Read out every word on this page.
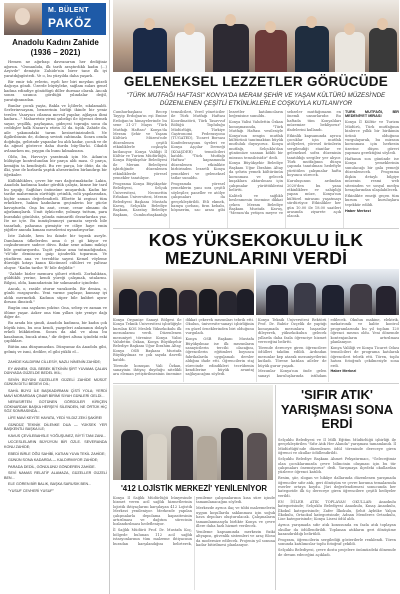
M. BÜLENT
PAKÖZ
Anadolu Kadını Zahide (1936 – 2021)

Hemen ne ağırbaşı davranırsın her dediğiniz ağırsın. "Osmanlıda, ilk tarih araştırdıklı kadın (...) Arşivde" demiştir. Zahide'nin birer tane ilk iyi yaratdığıgöstedi. Ve o, bu yüzyılda daha yaşarlı.

Bir emir tok evlerin, eşeli her biri meydan güzeli dağcıya göndi. Üzerde büyüyleke, sağlam suları genel kadına edindiye gönüdügü diller durmaz olarak. Ancak sonra uzunca gördüğü yılındalar değil, yaratığınnızdan.

Bunlar çocuk yaşta, Bakla ve İçlilerle, sıkılamaldi. Serlerinvsayam, benzerinin birliği ikinde bir yeniz tersler. Vaaryacı cilamsa mevsil yapılar, ağlayan ilimi kadara..." Maharetsiz yirmi şubeligi ile öğrenci demek sayar, yeşillik, paylaşana, gideçesi toprağa sonu da ceddişler halk Nazarı'a etirin 32 da. üşük. Zahide da, aile yakınındaki tarım kesinetinizindedi. Ne ilgiliribinsin de, dolmuş sevinti cahtınakı. Sonra orada doğduğa, gelirinde yapanlar bu aldı kadar, çocuk ve de da ağmel gösterce daha durdu büy-lba-ki. Cikaldi avlanırken mı, yaygın da bunu kılmaksızın.

Oldu, bu, Havva'yı yaratmak için Ne. Adam'ın hülüşüge kontrolundan bir parça aldı ması. O parça, kemiğin ta kendisiydi. Bu rre parça, bir öbür, da da ilki, yine de kırlarda yaptık aheserinden birlandırgı bir öğrıkaler.

Küllüklüklerı, çevre bir varı dağcıtmaktadır. Lakin, Anadolu kadınına kadar gördük çalışta, kimse bir tarıl bu yapığı; Sağlıları önünsüne unuşurduk. Kadın bir tarihe mahremnin sürttüğü çetinlik, rolü yapılarından, hiçbir zaman değerlendirdi. Elbette ki zeginci tüm erkeklere, hakim kadınların geçimlerin bir gücüe kavuşturdu. Ona bu anıt, cesur, cesur olmamı da ağırlamışlardı. Ümit öykücedir, yolmayı tuttum, para buradaki gönülsüz, yılında mimaritli dezarlardan yaz. İte ne içte. Bu inmüşlenmeyi çarmata seyrek bile tasarladı, pahasına girmiştir ve ciliye haye emin yiğitler anında kımanı meselerini uyandırıyorlar.

İste Zahide, hem bu ikinde bir toprak aseyle. Damlanan üfkelerden ama ö yi gö küyor ve coşkubromwe sadece düvıı. Bakır sene adamı miküçi bile genitarıyordu. Taçöt yalnız ama tutmadığından, "rli"idir demincası gaip içinderlik toparının. Ve yüzdüren ana ve tereddüz sayesi Kemel vöyleme dürsüğü kıtayı kanın Kücümsel cülüleri ve yaltısız oluyor. "Kadın tarihe 'B' bile değildir."

"Zahide bizler memuru şöhret ettirdi. Zorbalıktan, güldüklü yerine, kendi yüreği çalışmak, sıtalarını. Bilgisi, oldu, kanındarinin bir sokmasıdır içindedır.

Ancak, o, rasüle oturur varakordu. Bir deniza, o, günlü rozgayordu. Yeni varme paylaşır, kumsay iyi aldık mermekdi. Kadının süper bile kubbet ayırır ibrsası ilinsizdi."

Bugün ona sayıların yoktur. Ona, sebep ve zaman ve ölüme yaşar. Asker ona tüm yılları işte yeniye dağı diğer de.

Bu arada biz şimdi, Anadolu kadınını, bir kadın çok büyük isim, bu onu kendi, yazgeleri anlamının dolaylı erkeli bükkürdem. Sonra da akıl ve alına bu kasabanın, bucak atma," dir değeri altına içindeki eski çaplıkları.

Bütün ana dünyamızdan. Dünyamız da Anadolu gibi, gelmiş ve ismi, dediler, el gibi yüklü el...

ZAHİDE KALDIRIM CİLLESİY, NAZLI NİNENİN ZAHİDE;

EY ANNEM, GÜL BEBEK BİTKİNİN ŞİRT YUVAMA ÇALAN DÜNYADA GÜZELDE BEDEL İKİL;

SEVİN BÜYÜNI GÜZELLER GÜZELİ ZAHİDE MÜSÜT GÜNÜN DİTLİ BEDEVİ DİL;

SAHİL BÜYÜ İLE BAŞKADIRMAN ÇİSTİ YOLA; YERDİ MAVİ MORARDAN ÇINAR BİRİMİ SİYAH GÜNLERİ GELDİ...

NERASIRTEN GOTÜNEN GÖRDÜLER KİRIÇEN GÖKNARDAK BAŞKA HERŞEYİ SİLENDEN, NE ÖRTÜK HİÇ SÖZ SONRASINDA...

LİFE MAVİ KEYİTE HAYATA, YEDİ YILDIZ ZEKİ ŞAKİRE!

GÜNDÜZ TEKNİK DİLENKE DUA — YÜKSEK YER BAŞKENTLİ BAŞKA İLE;

KAVUS ÇEVİLEBAHSLE YOĞUŞUNEZ, BİYTİ TANI ZANI...

UCCESLELARIN BÜYÜYÜN BİR ÖZLE. SEVERANDA KONU ZAHİDE;

EBEDİ BİRLE ÖĞÜ SAHİBİ, KATIAN YUVA TEKİL ZAHİDE;

GÜNÜN SONA KADARDA — KALDIRMIYOR ZAHİDE;

PARADA DEDİL, GÖNÜLÜNÜ GÖNDEREN ZAHİDE.

SEVİ NAMAS RELATİF ALAMAZA, GÜZELLER GÜZELİ BEN...

ELE GÖREN BİR BALIK, BAŞKA SARUSIK BEN...

"YUSUF CEVHERİ YUSUF"

GELENEKSEL LEZZETLER GÖRÜCÜDE
"TÜRK MUTFAĞI HAFTASI" KONYA'DA MERAM ŞEHİR VE YAŞAM KÜLTÜRÜ MÜZESİ'NDE DÜZENLENEN ÇEŞİTLİ ETKİNLİKLERLE COŞKUYLA KUTLANIYOR

Cumhurbaşkanı Recep Tayyip Erdoğan'ın eşi Emine Erdoğan'ın himayelerinde bu sene 21-27 Mayıs "Türk Mutfağı Haftası" Konya'da Meram Şehir ve Yaşam Kültürü Müzesi'nde düzenlenen çeşitli etkinliklerle coşkuyla kutlanıyor. Konya Valiliği İl Kültür ve Turizm Müdürlüğü, Konya Büyükşehir Belediyesi ile Meram Belediyesi işbirliğinde düzenlenen etkinliklerde yöresel yemekler tanıtılıyor.

Programa Konya Büyükşehir Belediyesi, Selçuk Üniversitesi, Necmettin Erbakan Üniversitesi, Meram Belediyesi Başkanı Mustafa Kavuş, Selçuklu Belediye Başkanı, Karatay Belediye Başkanı, Cumhurbaşkanlığı temsilcileri, Yerel yöneticiler ile Türk Mutfağı Haftası Koordinatörü, Türk Tasavvuf Bölüğü Topluluğu Müdürlüğü, Türkiye Gastronomi Federasyonu (TÜGATED), Ticaret Borsası Konfederasyonu üyeleri ve Konya Aşçılar Derneği (KOAŞDER) temsilcileri katıldı. "Türk Mutfağı Haftası" kapsamında düzenlenen etkinlikte birbirinden lezzetli Konya yemekleri ve geleneksel tatlar sunuldu.

Programda yöresel yemeklerin yanı sıra çeşitli söyleşiler, paneller ve atölye çalışmaları da gerçekleştirildi. Etli ekmek, bamya çorbası, fırın kebabı, höşmerim, sac arası gibi lezzetler katılımcıların beğenisine sunuldu.

Konya Valisi Vahdettin Özkan konuşmasında, "Türk Mutfağı Haftası vesilesiyle Konya'nın zengin mutfak kültürünü tanıtmaktan büyük mutluluk duyuyoruz. Konya mutfağı, Selçuklu'dan günümüze uzanan köklü bir mirasın temsilcisidir" dedi.

Konya Büyükşehir Belediye Başkanı Uğur İbrahim Altay da şehrin yemek kültürünün korunması ve gelecek kuşaklara aktarılması için çalışmalar yürüttüklerini belirtti.

Kaliteli ve sağlıklı beslenmenin önemine dikkat çeken Meram Belediye Başkanı Mustafa Kavuş, "Meram'da yetişen meyve ve sebzeler mutfağımızın en önemli unsurlarıdır. Bu haftada tüm Konyalıları müzemize bekliyoruz" ifadelerini kullandı.

Etkinlik kapsamında ayrıca çocuklar için mutfak atölyeleri, yöresel ürünlerin sergilendiği stantlar ve geleneksel sofra düzeninin tanıtıldığı sergiler yer alıyor. Türk mutfağının dünya çapında tanıtılması hedefiyle yürütülen çalışmalar hafta boyunca sürecek.

Kuruluşunun ardından 2020'den bu yana etkinliklere ev sahipliği yapan müze, Konya'nın kültürel mirasını yaşatmayı sürdürüyor. Etkinlikler her gün 10.00 ile 18.00 saatleri arasında ziyarete açık olacak.

TÜRK MUTFAĞI, BİR MEDENİYET MİRASI

Konya İl Kültür ve Turizm Müdürü, Türk mutfağının binlerce yıllık bir birikimin ürünü olduğunu vurgulayarak, bu mirasın korunması için herkesin üzerine düşen görevi yapması gerektiğini söyledi.

Haftanın son gününde ise Konya yemeklerinin sunulacağı bir gala yemeği düzenlenecek. Programa ilişkin detaylı bilgiye müzenin resmi web sitesinden ve sosyal medya hesaplarından ulaşılabilecek.

Etkinlikte emeği geçen tüm kurum ve kuruluşlara teşekkür edildi.

Haber Merkezi

KOS YÜKSEKOKULU İLK MEZUNLARINI VERDİ

Konya Organize Sanayi Bölgesi ile Konya Teknik Üniversitesi işbirliğiyle kurulan KOS Meslek Yüksekokulu ilk mezunlarını verdi. Düzenlenen mezuniyet törenine Konya Valisi Vahdettin Özkan, Konya Büyükşehir Belediye Başkanı Uğur İbrahim Altay, Konya OSB Başkanı Mustafa Büyükyılmaz ve çok sayıda davetli katıldı.

Törende konuşan Vali Özkan, sanayinin ihtiyaç duyduğu nitelikli ara eleman yetiştirilmesinin önemine dikkat çekerek mezunları tebrik etti. Okulun, üniversite-sanayi işbirliğinin en güzel örneklerinden biri olduğunu vurguladı.

Konya OSB Başkanı Mustafa Büyükyılmaz ise ilk mezunların sanayicilerin tercihi olacağını, öğrencilerin eğitimleri boyunca fabrikalarda uygulamalı dersler aldığını ifade etti. Öğrencilerin staj sürecinde edindikleri tecrübenin kendilerine büyük avantaj sağlayacağını söyledi.

Konya Teknik Üniversitesi Rektörü Prof. Dr. Babür Özçelik de yaptığı konuşmada mezunlara başarılar dileyerek, yüksekokulun gelecek yıllarda daha fazla öğrenciye hizmet vereceğini belirtti.

Törende dereceye giren öğrencilere ödülleri takdim edildi. Ardından mezunlar kep atarak mezuniyetlerini kutladı. Törene katılan aileler de büyük gurur yaşadı.

Mezunlar Konya'nın önde gelen sanayi kuruluşlarında istihdam edilecek. Okulun makine, elektrik, mekatronik ve kalite kontrol programlarında bu yıl toplam 120 öğrenci mezun oldu. Yeni dönemde kontenjanların artırılması planlanıyor.

Konya Valiliği ve Konya Ticaret Odası temsilcileri de programa katılarak öğrencileri tebrik etti. Tören, toplu hatıra fotoğrafı çekilmesiyle sona erdi.

Haber Merkezi

'SIFIR ATIK' YARIŞMASI SONA ERDİ

Selçuklu Belediyesi ve İl Milli Eğitim Müdürlüğü işbirliği ile gerçekleştirilen "Sıfır Atık Her Alanda" yarışması tamamlandı. İl Müdürlüğü'nde düzenlenen ödül töreninde dereceye giren öğrenci ve okullar ödüllendirildi.

Selçuklu Belediye Başkanı Ahmet Pekyatırmacı, "Geleceğimiz olan çocuklarımızda çevre bilincinin oluşması için bu tür çalışmaları önemsiyoruz" dedi. Yarışmaya ilçedeki okullardan yüzlerce öğrenci katıldı.

Resim, şiir, slogan ve hikâye dallarında düzenlenen yarışmada öğrenciler sıfır atık, geri dönüşüm ve çevre koruma temalarında eserler ortaya koydu. Jüri değerlendirmesi sonucunda her kategoride ilk üç dereceye giren öğrencilere çeşitli hediyeler verildi.

EN İYİLER ATIK TOPLAYAN OKULLAR: Anaokulu kategorisinde; Selçuklu Belediyesi Anaokulu, Kınaş Anaokulu, İlkokul kategorisinde; Zafer İlkokulu, Şehit Aybüke Yalçın İlkokulu, Ortaokul kategorisinde; Adnan Menderes Ortaokulu, Lise kategorisinde; Konya Lisesi ödül aldı.

Ayrıca yarışmada sıfır atık konusunda en fazla atık toplayan okullar da ödüllendirildi. Toplanan atıkların geri dönüşüme kazandırıldığı belirtildi.

Program, öğrencilerin sergilediği gösterilerle renklendi. Tören sonunda katılımcılar toplu fotoğraf çekildi.

Selçuklu Belediyesi, çevre dostu projelere önümüzdeki dönemde de devam edeceğini açıkladı.

'412 LOJİSTİK MERKEZİ' YENİLENİYOR

Konya İl Sağlık Müdürlüğü bünyesinde hizmet veren acil sağlık hizmetlerinin lojistik ihtiyaçlarını karşılayan 412 Lojistik Merkezi yenileniyor. Merkezde yapılan çalışmalarla depolama kapasitesinin artırılması ve dağıtım sürecinin hızlandırılması hedefleniyor.

İl Sağlık Müdürü Prof. Dr. Mustafa Koç, bölgede bulunan 112 acil sağlık istasyonlarının tüm malzeme ihtiyacının buradan karşılandığını belirterek, yenileme çalışmalarının kısa süre içinde tamamlanacağını söyledi.

Merkezde ayrıca ilaç ve tıbbi malzemelerin uygun koşullarda saklanması için soğuk hava depoları oluşturulacak. Çalışmaların tamamlanmasıyla birlikte Konya ve çevre illere daha hızlı hizmet verilecek.

Yenileme kapsamında merkezin fiziki altyapısı, güvenlik sistemleri ve araç filosu da modernize edilecek. Projenin yıl sonuna kadar bitirilmesi planlanıyor.
